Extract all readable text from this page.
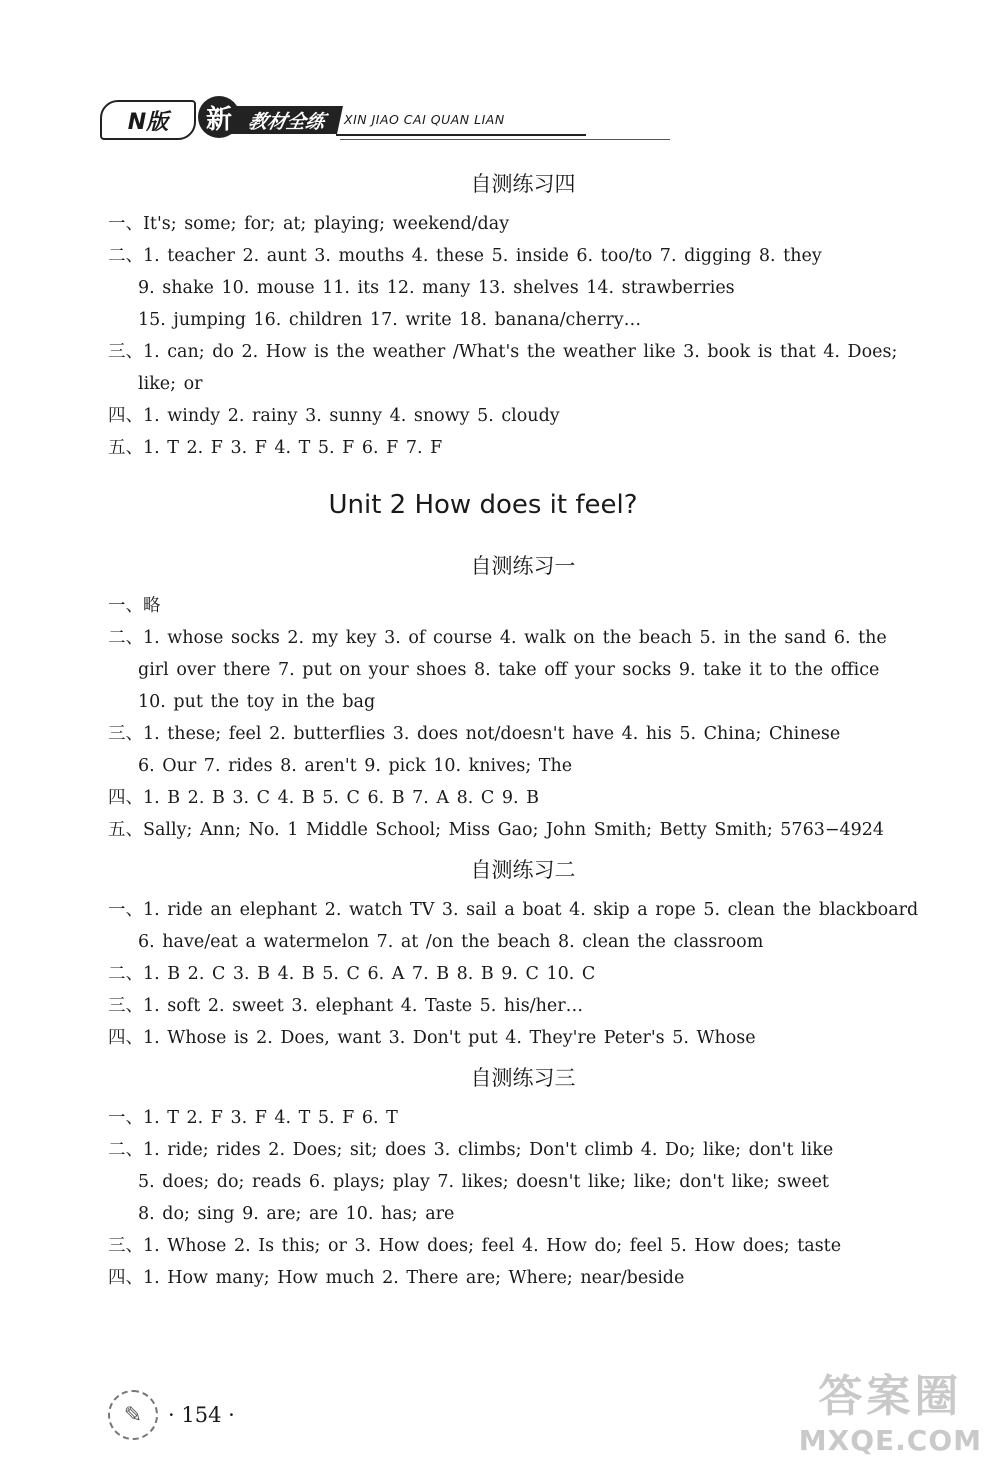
N版	新 教材全练	XIN JIAO CAI QUAN LIAN
自测练习四
一、It's; some; for; at; playing; weekend/day
二、1. teacher 2. aunt 3. mouths 4. these 5. inside 6. too/to 7. digging 8. they
9. shake 10. mouse 11. its 12. many 13. shelves 14. strawberries
15. jumping 16. children 17. write 18. banana/cherry…
三、1. can; do 2. How is the weather /What's the weather like 3. book is that 4. Does;
like; or
四、1. windy 2. rainy 3. sunny 4. snowy 5. cloudy
五、1. T 2. F 3. F 4. T 5. F 6. F 7. F
Unit 2 How does it feel?
自测练习一
一、略
二、1. whose socks 2. my key 3. of course 4. walk on the beach 5. in the sand 6. the
girl over there 7. put on your shoes 8. take off your socks 9. take it to the office
10. put the toy in the bag
三、1. these; feel 2. butterflies 3. does not/doesn't have 4. his 5. China; Chinese
6. Our 7. rides 8. aren't 9. pick 10. knives; The
四、1. B 2. B 3. C 4. B 5. C 6. B 7. A 8. C 9. B
五、Sally; Ann; No. 1 Middle School; Miss Gao; John Smith; Betty Smith; 5763−4924
自测练习二
一、1. ride an elephant 2. watch TV 3. sail a boat 4. skip a rope 5. clean the blackboard
6. have/eat a watermelon 7. at /on the beach 8. clean the classroom
二、1. B 2. C 3. B 4. B 5. C 6. A 7. B 8. B 9. C 10. C
三、1. soft 2. sweet 3. elephant 4. Taste 5. his/her…
四、1. Whose is 2. Does, want 3. Don't put 4. They're Peter's 5. Whose
自测练习三
一、1. T 2. F 3. F 4. T 5. F 6. T
二、1. ride; rides 2. Does; sit; does 3. climbs; Don't climb 4. Do; like; don't like
5. does; do; reads 6. plays; play 7. likes; doesn't like; like; don't like; sweet
8. do; sing 9. are; are 10. has; are
三、1. Whose 2. Is this; or 3. How does; feel 4. How do; feel 5. How does; taste
四、1. How many; How much 2. There are; Where; near/beside
✎	· 154 ·	答案圈
MXQE.COM
